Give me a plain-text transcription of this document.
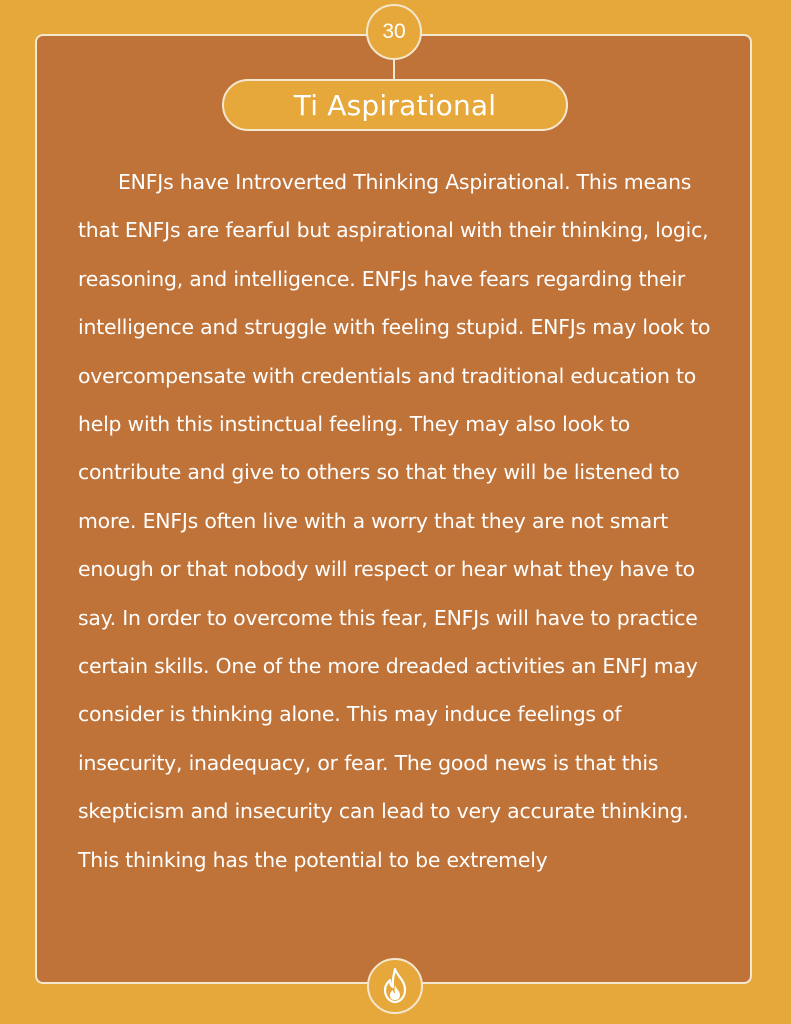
30
Ti Aspirational

ENFJs have Introverted Thinking Aspirational. This means that ENFJs are fearful but aspirational with their thinking, logic, reasoning, and intelligence. ENFJs have fears regarding their intelligence and struggle with feeling stupid. ENFJs may look to overcompensate with credentials and traditional education to help with this instinctual feeling. They may also look to contribute and give to others so that they will be listened to more. ENFJs often live with a worry that they are not smart enough or that nobody will respect or hear what they have to say. In order to overcome this fear, ENFJs will have to practice certain skills. One of the more dreaded activities an ENFJ may consider is thinking alone. This may induce feelings of insecurity, inadequacy, or fear. The good news is that this skepticism and insecurity can lead to very accurate thinking. This thinking has the potential to be extremely
